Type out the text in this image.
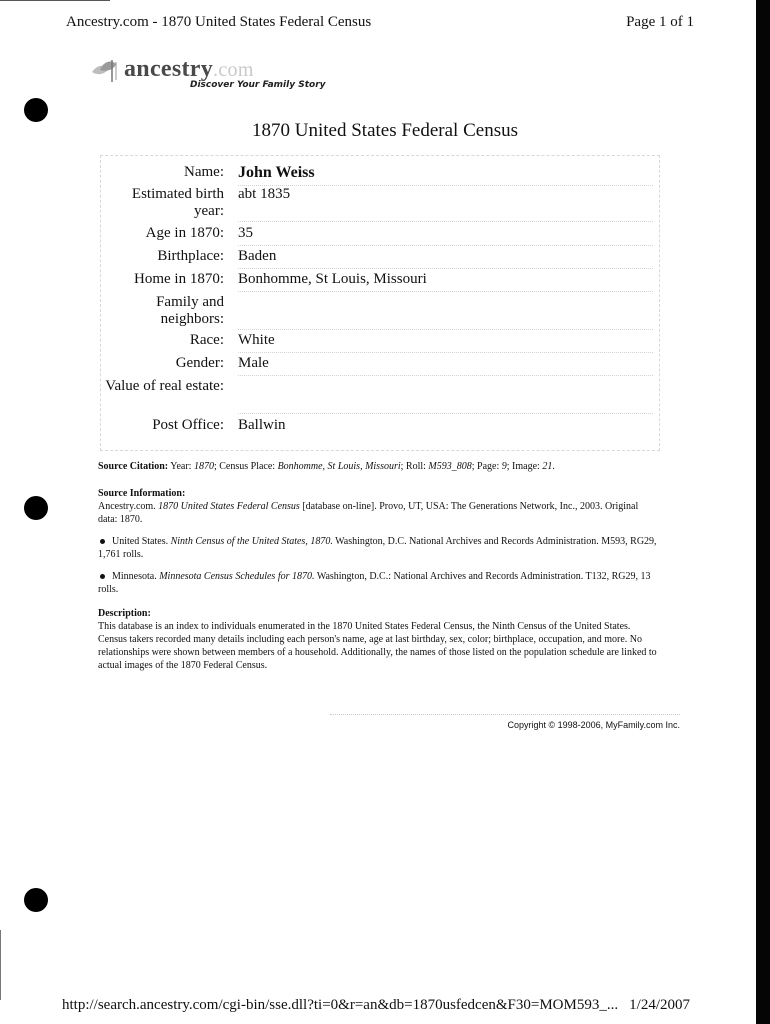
Ancestry.com - 1870 United States Federal Census	Page 1 of 1
ancestry.com
Discover Your Family Story
1870 United States Federal Census
Name: John Weiss
Estimated birth year:
abt 1835
Age in 1870: 35
Birthplace: Baden
Home in 1870: Bonhomme, St Louis, Missouri
Family and neighbors:
Race: White
Gender: Male
Value of real estate:
Post Office: Ballwin
Source Citation: Year: 1870; Census Place: Bonhomme, St Louis, Missouri; Roll: M593_808; Page: 9; Image: 21.
Source Information:
Ancestry.com. 1870 United States Federal Census [database on-line]. Provo, UT, USA: The Generations Network, Inc., 2003. Original data: 1870.
United States. Ninth Census of the United States, 1870. Washington, D.C. National Archives and Records Administration. M593, RG29, 1,761 rolls.
Minnesota. Minnesota Census Schedules for 1870. Washington, D.C.: National Archives and Records Administration. T132, RG29, 13 rolls.
Description:
This database is an index to individuals enumerated in the 1870 United States Federal Census, the Ninth Census of the United States. Census takers recorded many details including each person's name, age at last birthday, sex, color; birthplace, occupation, and more. No relationships were shown between members of a household. Additionally, the names of those listed on the population schedule are linked to actual images of the 1870 Federal Census.
Copyright © 1998-2006, MyFamily.com Inc.
http://search.ancestry.com/cgi-bin/sse.dll?ti=0&r=an&db=1870usfedcen&F30=MOM593_... 1/24/2007
